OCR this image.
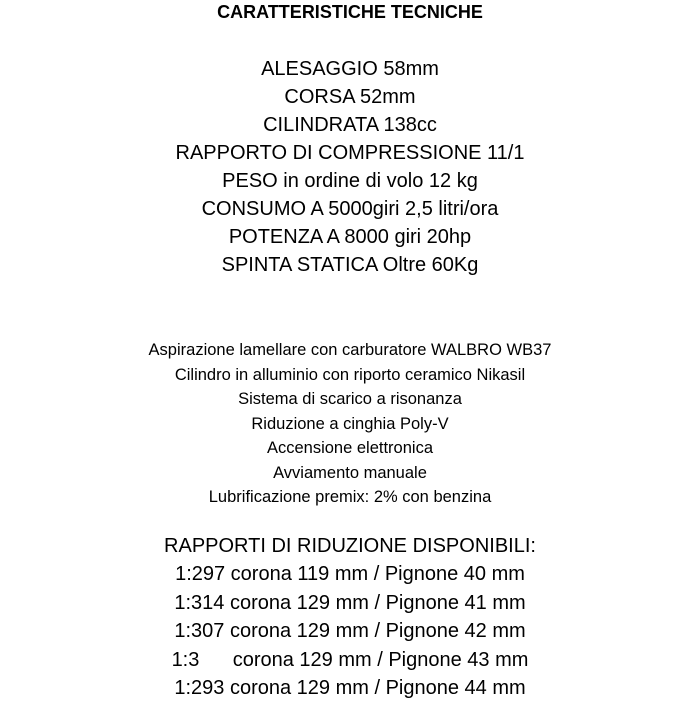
CARATTERISTICHE TECNICHE
ALESAGGIO 58mm
CORSA 52mm
CILINDRATA 138cc
RAPPORTO DI COMPRESSIONE 11/1
PESO in ordine di volo 12 kg
CONSUMO A 5000giri 2,5 litri/ora
POTENZA A 8000 giri 20hp
SPINTA STATICA Oltre 60Kg
Aspirazione lamellare con carburatore WALBRO WB37
Cilindro in alluminio con riporto ceramico Nikasil
Sistema di scarico a risonanza
Riduzione a cinghia Poly-V
Accensione elettronica
Avviamento manuale
Lubrificazione premix: 2% con benzina
RAPPORTI DI RIDUZIONE DISPONIBILI:
1:297 corona 119 mm / Pignone 40 mm
1:314 corona 129 mm / Pignone 41 mm
1:307 corona 129 mm / Pignone 42 mm
1:3      corona 129 mm / Pignone 43 mm
1:293 corona 129 mm / Pignone 44 mm
